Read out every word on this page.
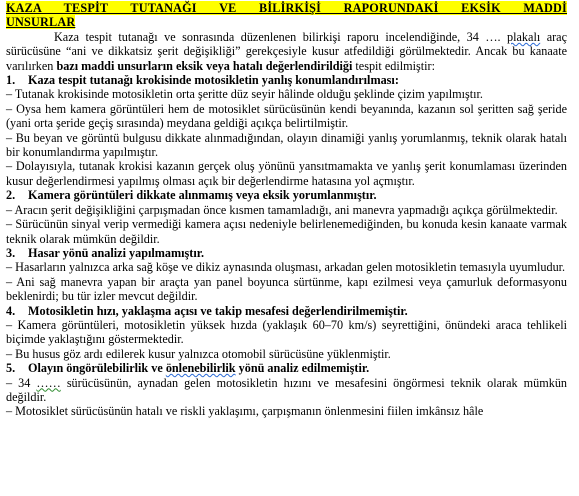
KAZA TESPİT TUTANAĞI VE BİLİRKİŞİ RAPORUNDAKİ EKSİK MADDİ

UNSURLAR

Kaza tespit tutanağı ve sonrasında düzenlenen bilirkişi raporu incelendiğinde, 34 …. plakalı araç sürücüsüne “ani ve dikkatsiz şerit değişikliği” gerekçesiyle kusur atfedildiği görülmektedir. Ancak bu kanaate varılırken bazı maddi unsurların eksik veya hatalı değerlendirildiği tespit edilmiştir:

1. Kaza tespit tutanağı krokisinde motosikletin yanlış konumlandırılması:

– Tutanak krokisinde motosikletin orta şeritte düz seyir hâlinde olduğu şeklinde çizim yapılmıştır.

– Oysa hem kamera görüntüleri hem de motosiklet sürücüsünün kendi beyanında, kazanın sol şeritten sağ şeride (yani orta şeride geçiş sırasında) meydana geldiği açıkça belirtilmiştir.

– Bu beyan ve görüntü bulgusu dikkate alınmadığından, olayın dinamiği yanlış yorumlanmış, teknik olarak hatalı bir konumlandırma yapılmıştır.

– Dolayısıyla, tutanak krokisi kazanın gerçek oluş yönünü yansıtmamakta ve yanlış şerit konumlaması üzerinden kusur değerlendirmesi yapılmış olması açık bir değerlendirme hatasına yol açmıştır.

2. Kamera görüntüleri dikkate alınmamış veya eksik yorumlanmıştır.

– Aracın şerit değişikliğini çarpışmadan önce kısmen tamamladığı, ani manevra yapmadığı açıkça görülmektedir.

– Sürücünün sinyal verip vermediği kamera açısı nedeniyle belirlenemediğinden, bu konuda kesin kanaate varmak teknik olarak mümkün değildir.

3. Hasar yönü analizi yapılmamıştır.

– Hasarların yalnızca arka sağ köşe ve dikiz aynasında oluşması, arkadan gelen motosikletin temasıyla uyumludur.

– Ani sağ manevra yapan bir araçta yan panel boyunca sürtünme, kapı ezilmesi veya çamurluk deformasyonu beklenirdi; bu tür izler mevcut değildir.

4. Motosikletin hızı, yaklaşma açısı ve takip mesafesi değerlendirilmemiştir.

– Kamera görüntüleri, motosikletin yüksek hızda (yaklaşık 60–70 km/s) seyrettiğini, önündeki araca tehlikeli biçimde yaklaştığını göstermektedir.

– Bu husus göz ardı edilerek kusur yalnızca otomobil sürücüsüne yüklenmiştir.

5. Olayın öngörülebilirlik ve önlenebilirlik yönü analiz edilmemiştir.

– 34 …… sürücüsünün, aynadan gelen motosikletin hızını ve mesafesini öngörmesi teknik olarak mümkün değildir.

– Motosiklet sürücüsünün hatalı ve riskli yaklaşımı, çarpışmanın önlenmesini fiilen imkânsız hâle
